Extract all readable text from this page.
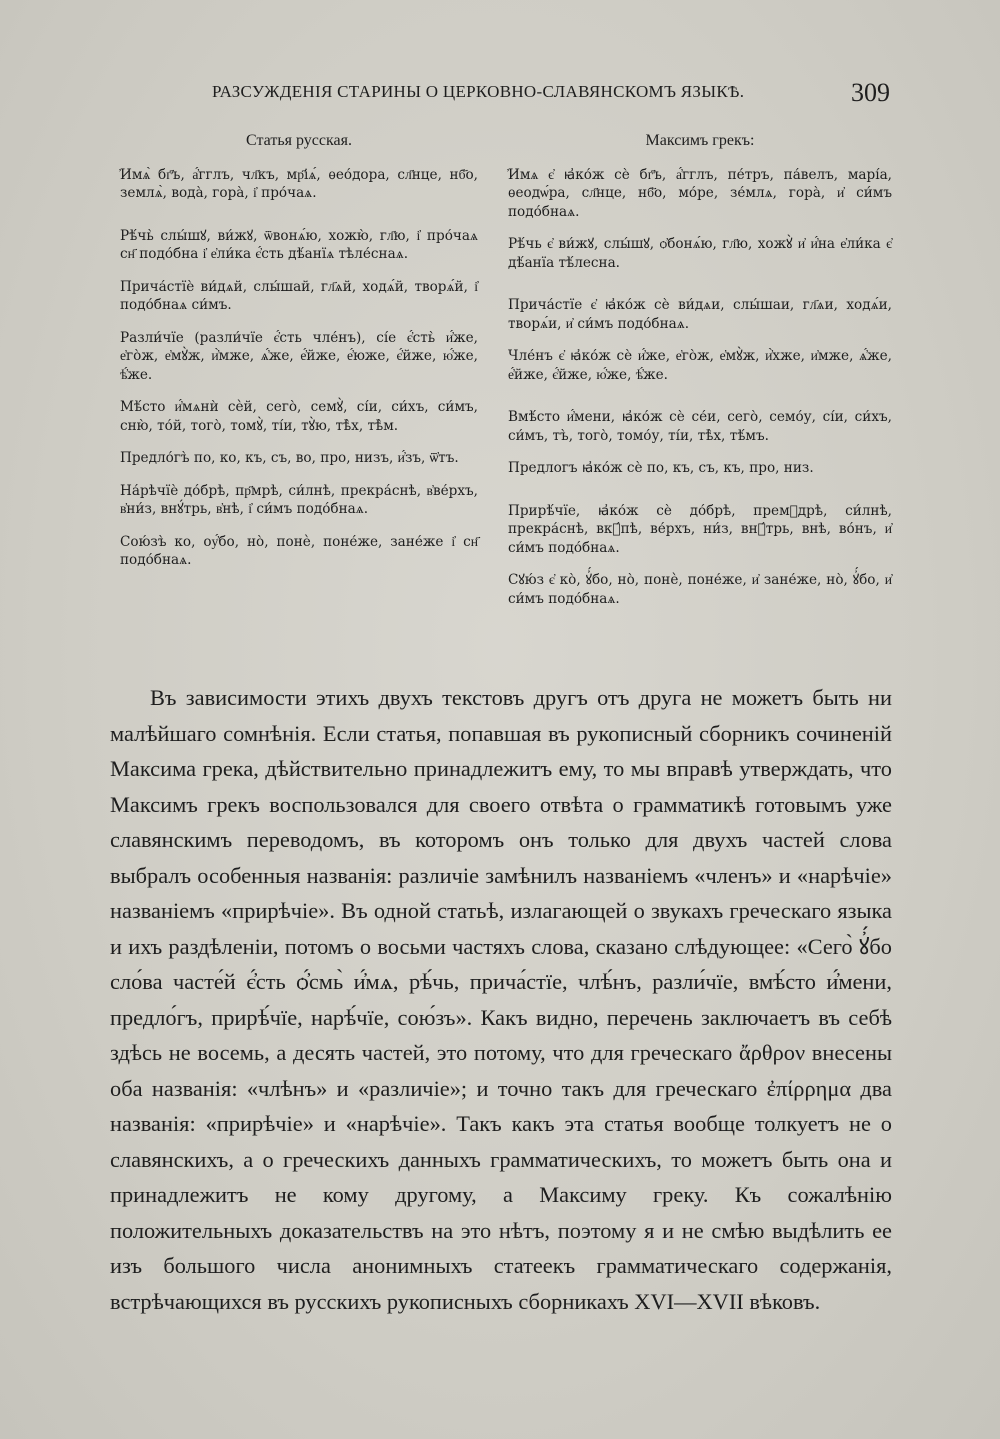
РАЗСУЖДЕНІЯ СТАРИНЫ О ЦЕРКОВНО-СЛАВЯНСКОМЪ ЯЗЫКѢ.	309
Статья русская.
҆Имѧ͏̀ бг҃ъ, а҆́гглъ, чл҃къ, мр҃іѧ́, ѳео́дора, сл҃нце, нб҃о, землѧ̀, вода̀, гора̀, і҆ про́чаѧ.
Рѣ́чь͏̀ слы́шꙋ, ви́жꙋ, ѿвонѧ́ю, хожю̀, гл҃ю, і҆ про́чаѧ сн҃ подо́бна і҆ е҆ли́ка є҆́сть дѣ́анїѧ тѣле́снаѧ.
Прича́стїе͏̀ ви́дѧй, слы́шай, гл҃ѧй, ходѧ́й, творѧ́й, і҆ подо́бнаѧ си́мъ.
Разли́чїе (разли́чїе є҆́сть чле́нъ), сі́е є҆́сть͏̀ и҆́же, е҆го̀ж, е҆мꙋ̀ж, и҆̀мже, ѧ҆́же, е҆́йже, е҆́юже, є҆́йже, ю҆́же, ѣ҆́же.
Мѣ́сто и҆́мѧни͏̀ сѐй, сего̀, семꙋ̀, сі́и, си́хъ, си́мъ, сню̀, то́й, того̀, томꙋ̀, ті́и, тꙋ̀ю, тѣ̀х, тѣ̀м.
Предло́гъ͏̀ по, ко, къ, съ, во, про, низъ, и҆́зъ, ѿ҆тъ.
На́рѣчїе͏̀ до́брѣ, пр҃мрѣ, си́лнѣ, прекра́снѣ, в҆ве́рхъ, в҆ни́з, внꙋ́трь, в҆нѣ, і҆ си́мъ подо́бнаѧ.
Сою́зъ͏̀ ко, оу҆́бо, но̀, понѐ, поне́же, зане́же і҆ сн҃ подо́бнаѧ.
Максимъ грекъ:
҆Имѧ є҆ ꙗ҆ко́ж се͏̀ бг҃ъ, а҆́гглъ, пе́тръ, па́велъ, марі́а, ѳеодѡ́ра, сл҃нце, нб҃о, мо́ре, зе́млѧ, гора̀, и҆ си́мъ подо́бнаѧ.
Рѣ́чь є҆ ви́жꙋ, слы́шꙋ, ѻ҆бонѧ́ю, гл҃ю, хожꙋ̀ и҆ и҆́на е҆ли́ка є҆ дѣ́анїа тѣ́лесна.
Прича́стїе є҆ ꙗ҆ко́ж се͏̀ ви́дѧи, слы́шаи, гл҃ѧи, ходѧ́и, творѧ́и, и҆ си́мъ подо́бнаѧ.
Чле́нъ є҆ ꙗ҆ко́ж се͏̀ и҆́же, е҆го̀ж, е҆мꙋ̀ж, и҆̀хже, и҆мже, ѧ҆́же, е҆́йже, є҆́йже, ю҆́же, ѣ҆́же.
Вмѣ́сто и҆́мени, ꙗ҆ко́ж се͏̀ се́и, сего̀, семо́у, сі́и, си́хъ, си́мъ, тъ̀, того̀, томо́у, ті́и, тѣ̀х, тѣ́мъ.
Предлогъ ꙗ҆ко́ж се͏̀ по, къ, съ, къ, про, низ.
Прирѣ́чїе, ꙗ҆ко́ж се͏̀ до́брѣ, прем꙽дрѣ, си́лнѣ, прекра́снѣ, вкꙋ́пѣ, ве́рхъ, ни́з, внꙋ́трь, внѣ, во́нъ, и҆ си́мъ подо́бнаѧ.
Сꙋю́з є҆ ко̀, ꙋ҆́бо, но̀, понѐ, поне́же, и҆ зане́же, но̀, ꙋ҆́бо, и҆ си́мъ подо́бнаѧ.

Въ зависимости этихъ двухъ текстовъ другъ отъ друга не можетъ быть ни малѣйшаго сомнѣнія. Если статья, попавшая въ рукописный сборникъ сочиненій Максима грека, дѣйствительно принадлежитъ ему, то мы вправѣ утверждать, что Максимъ грекъ воспользовался для своего отвѣта о грамматикѣ готовымъ уже славянскимъ переводомъ, въ которомъ онъ только для двухъ частей слова выбралъ особенныя названія: различіе замѣнилъ названіемъ «членъ» и «нарѣчіе» названіемъ «прирѣчіе». Въ одной статьѣ, излагающей о звукахъ греческаго языка и ихъ раздѣленіи, потомъ о восьми частяхъ слова, сказано слѣдующее: «Сего̀ ꙋ҆́бо сло́ва часте́й є҆́сть ѻ҆́смь͏̀ и҆́мѧ, рѣ́чь, прича́стїе, члѣ́нъ, разли́чїе, вмѣ́сто и҆́мени, предло́гъ, прирѣ́чїе, нарѣ́чїе, сою́зъ». Какъ видно, перечень заключаетъ въ себѣ здѣсь не восемь, а десять частей, это потому, что для греческаго ἄρθρον внесены оба названія: «члѣнъ» и «различіе»; и точно такъ для греческаго ἐπίρρημα два названія: «прирѣчіе» и «нарѣчіе». Такъ какъ эта статья вообще толкуетъ не о славянскихъ, а о греческихъ данныхъ грамматическихъ, то можетъ быть она и принадлежитъ не кому другому, а Максиму греку. Къ сожалѣнію положительныхъ доказательствъ на это нѣтъ, поэтому я и не смѣю выдѣлить ее изъ большого числа анонимныхъ статеекъ грамматическаго содержанія, встрѣчающихся въ русскихъ рукописныхъ сборникахъ XVI—XVII вѣковъ.
